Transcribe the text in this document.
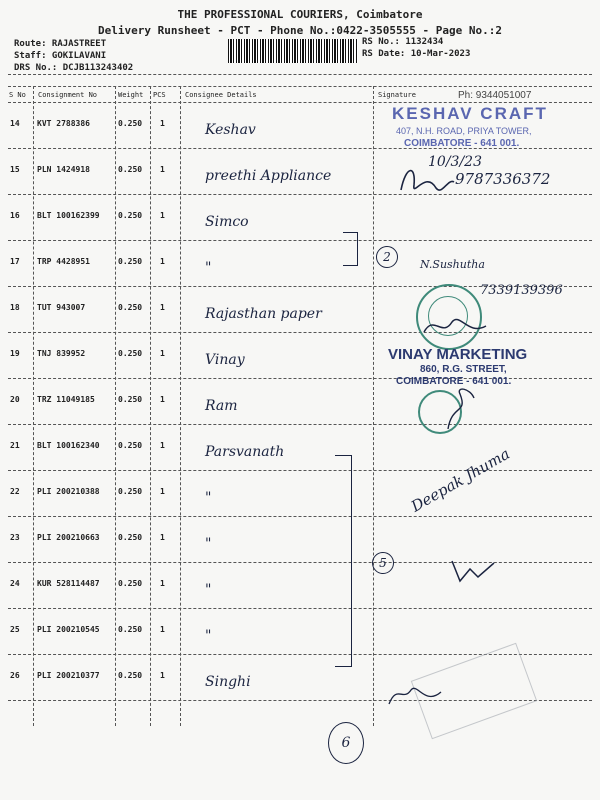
THE PROFESSIONAL COURIERS, Coimbatore
Delivery Runsheet - PCT - Phone No.:0422-3505555 - Page No.:2
Route: RAJASTREET
Staff: GOKILAVANI
DRS No.: DCJB113243402
RS No.: 1132434
RS Date: 10-Mar-2023
S No Consignment No	Weight PCS	Consignee Details	Signature
14 KVT 2788386	0.250 1	Keshav
15 PLN 1424918	0.250 1	preethi Appliance
16 BLT 100162399 0.250 1	Simco
17 TRP 4428951	0.250 1	"
18 TUT 943007	0.250 1	Rajasthan paper
19 TNJ 839952	0.250 1	Vinay
20 TRZ 11049185	0.250 1	Ram
21 BLT 100162340 0.250 1	Parsvanath
22 PLI 200210388 0.250 1	"
23 PLI 200210663 0.250 1	"
24 KUR 528114487 0.250 1	"
25 PLI 200210545 0.250 1	"
26 PLI 200210377 0.250 1	Singhi
Ph: 9344051007
KESHAV CRAFT
407, N.H. ROAD, PRIYA TOWER,
COIMBATORE - 641 001.
10/3/23
9787336372
2
N.Sushutha
7339139396
VINAY MARKETING
860, R.G. STREET,
COIMBATORE - 641 001.
Deepak Jhuma
5
6
